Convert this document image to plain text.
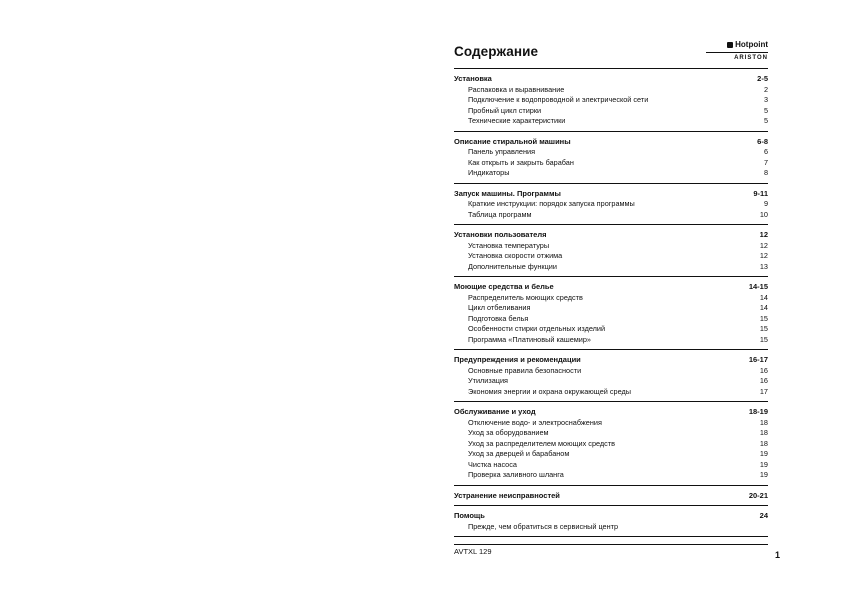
Содержание	Hotpoint
ARISTON
Установка	2-5
Распаковка и выравнивание	2
Подключение к водопроводной и электрической сети	3
Пробный цикл стирки	5
Технические характеристики	5
Описание стиральной машины	6-8
Панель управления	6
Как открыть и закрыть барабан	7
Индикаторы	8
Запуск машины. Программы	9-11
Краткие инструкции: порядок запуска программы	9
Таблица программ	10
Установки пользователя	12
Установка температуры	12
Установка скорости отжима	12
Дополнительные функции	13
Моющие средства и белье	14-15
Распределитель моющих средств	14
Цикл отбеливания	14
Подготовка белья	15
Особенности стирки отдельных изделий	15
Программа «Платиновый кашемир»	15
Предупреждения и рекомендации	16-17
Основные правила безопасности	16
Утилизация	16
Экономия энергии и охрана окружающей среды	17
Обслуживание и уход	18-19
Отключение водо- и электроснабжения	18
Уход за оборудованием	18
Уход за распределителем моющих средств	18
Уход за дверцей и барабаном	19
Чистка насоса	19
Проверка заливного шланга	19
Устранение неисправностей	20-21
Помощь	24
Прежде, чем обратиться в сервисный центр
AVTXL 129	1
